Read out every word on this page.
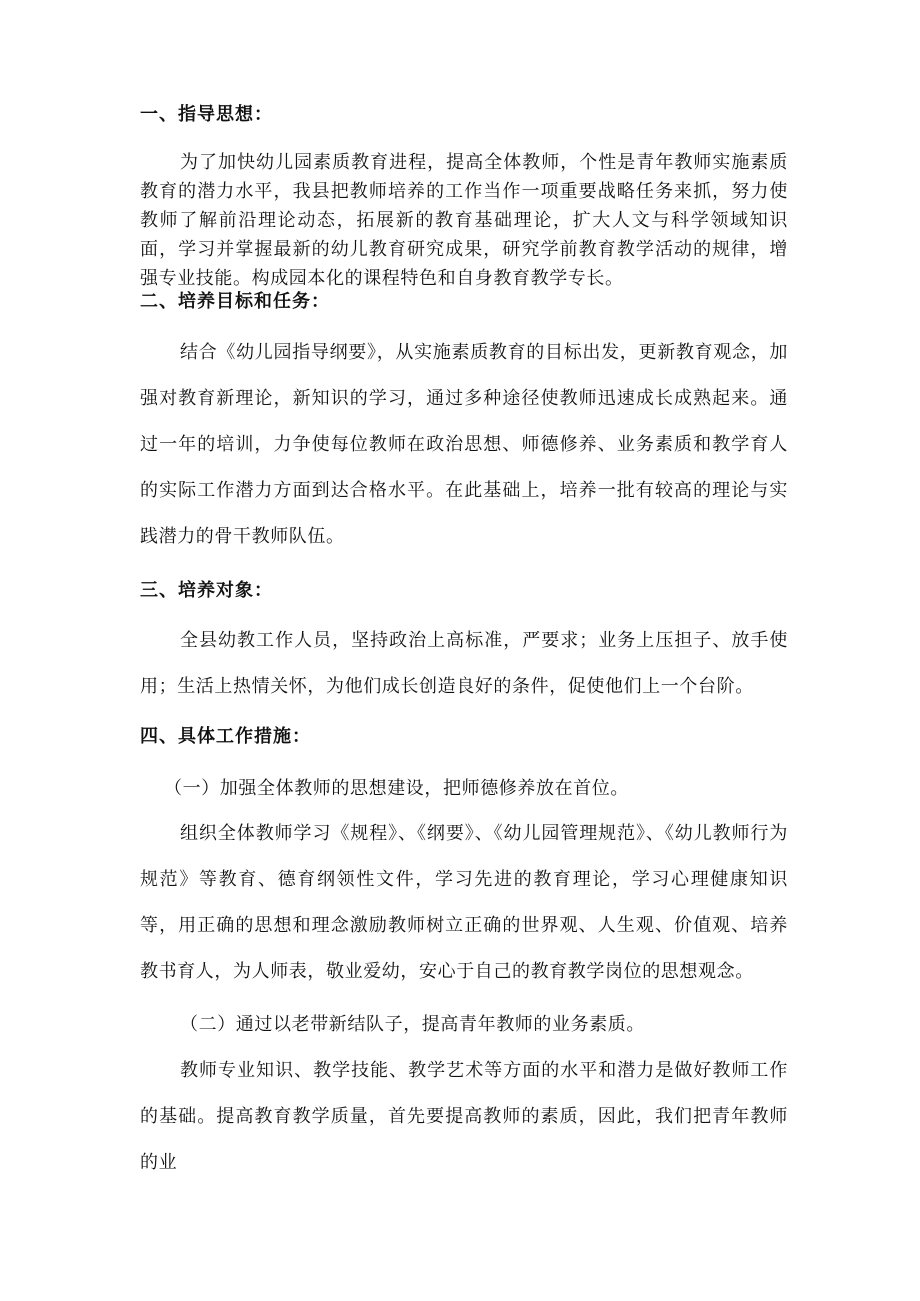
一、指导思想：

为了加快幼儿园素质教育进程，提高全体教师，个性是青年教师实施素质教育的潜力水平，我县把教师培养的工作当作一项重要战略任务来抓，努力使教师了解前沿理论动态，拓展新的教育基础理论，扩大人文与科学领域知识面，学习并掌握最新的幼儿教育研究成果，研究学前教育教学活动的规律，增强专业技能。构成园本化的课程特色和自身教育教学专长。

二、培养目标和任务：

结合《幼儿园指导纲要》，从实施素质教育的目标出发，更新教育观念，加强对教育新理论，新知识的学习，通过多种途径使教师迅速成长成熟起来。通过一年的培训，力争使每位教师在政治思想、师德修养、业务素质和教学育人的实际工作潜力方面到达合格水平。在此基础上，培养一批有较高的理论与实践潜力的骨干教师队伍。

三、培养对象：

全县幼教工作人员，坚持政治上高标准，严要求；业务上压担子、放手使用；生活上热情关怀，为他们成长创造良好的条件，促使他们上一个台阶。

四、具体工作措施：

（一）加强全体教师的思想建设，把师德修养放在首位。

组织全体教师学习《规程》、《纲要》、《幼儿园管理规范》、《幼儿教师行为规范》等教育、德育纲领性文件，学习先进的教育理论，学习心理健康知识等，用正确的思想和理念激励教师树立正确的世界观、人生观、价值观、培养教书育人，为人师表，敬业爱幼，安心于自己的教育教学岗位的思想观念。

（二）通过以老带新结队子，提高青年教师的业务素质。

教师专业知识、教学技能、教学艺术等方面的水平和潜力是做好教师工作的基础。提高教育教学质量，首先要提高教师的素质，因此，我们把青年教师的业
